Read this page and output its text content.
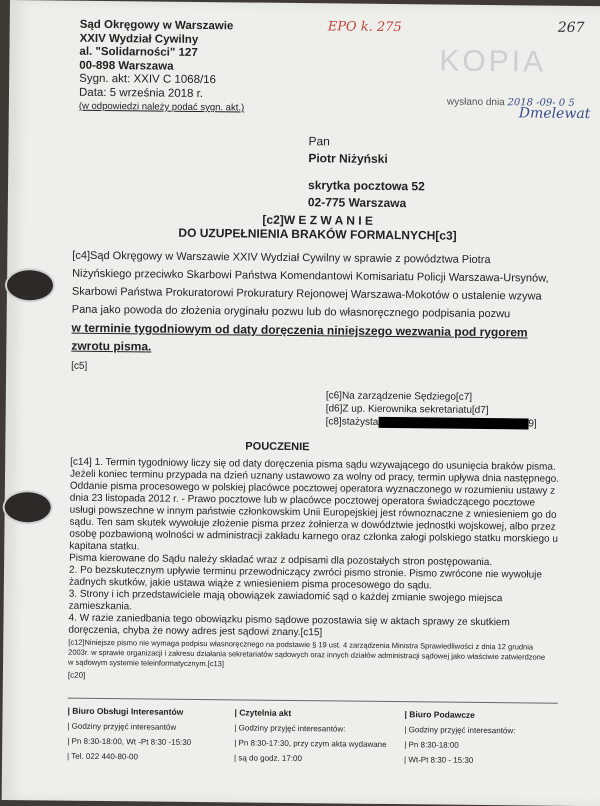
Sąd Okręgowy w Warszawie
XXIV Wydział Cywilny
al. "Solidarności" 127
00-898 Warszawa
Sygn. akt: XXIV C 1068/16
Data: 5 września 2018 r.
(w odpowiedzi należy podać sygn. akt.)
EPO k. 275	267
KOPIA
wysłano dnia 2018 -09- 0 5
Dmelewat
Pan
Piotr Niżyński
skrytka pocztowa 52
02-775 Warszawa
[c2]W E Z W A N I E
DO UZUPEŁNIENIA BRAKÓW FORMALNYCH[c3]
[c4]Sąd Okręgowy w Warszawie XXIV Wydział Cywilny w sprawie z powództwa Piotra Niżyńskiego przeciwko Skarbowi Państwa Komendantowi Komisariatu Policji Warszawa-Ursynów, Skarbowi Państwa Prokuratorowi Prokuratury Rejonowej Warszawa-Mokotów o ustalenie wzywa Pana jako powoda do złożenia oryginału pozwu lub do własnoręcznego podpisania pozwu
w terminie tygodniowym od daty doręczenia niniejszego wezwania pod rygorem zwrotu pisma.
[c5]
[c6]Na zarządzenie Sędziego[c7]
[d6]Z up. Kierownika sekretariatu[d7]
[c8]stażysta	9]
POUCZENIE

[c14] 1. Termin tygodniowy liczy się od daty doręczenia pisma sądu wzywającego do usunięcia braków pisma. Jeżeli koniec terminu przypada na dzień uznany ustawowo za wolny od pracy, termin upływa dnia następnego. Oddanie pisma procesowego w polskiej placówce pocztowej operatora wyznaczonego w rozumieniu ustawy z dnia 23 listopada 2012 r. - Prawo pocztowe lub w placówce pocztowej operatora świadczącego pocztowe usługi powszechne w innym państwie członkowskim Unii Europejskiej jest równoznaczne z wniesieniem go do sądu. Ten sam skutek wywołuje złożenie pisma przez żołnierza w dowództwie jednostki wojskowej, albo przez osobę pozbawioną wolności w administracji zakładu karnego oraz członka załogi polskiego statku morskiego u kapitana statku.

Pisma kierowane do Sądu należy składać wraz z odpisami dla pozostałych stron postępowania.

2. Po bezskutecznym upływie terminu przewodniczący zwróci pismo stronie. Pismo zwrócone nie wywołuje żadnych skutków, jakie ustawa wiąże z wniesieniem pisma procesowego do sądu.

3. Strony i ich przedstawiciele mają obowiązek zawiadomić sąd o każdej zmianie swojego miejsca zamieszkania.

4. W razie zaniedbania tego obowiązku pismo sądowe pozostawia się w aktach sprawy ze skutkiem doręczenia, chyba że nowy adres jest sądowi znany.[c15]

[c12]Niniejsze pismo nie wymaga podpisu własnoręcznego na podstawie § 19 ust. 4 zarządzenia Ministra Sprawiedliwości z dnia 12 grudnia 2003r. w sprawie organizacji i zakresu działania sekretariatów sądowych oraz innych działów administracji sądowej jako właściwie zatwierdzone w sądowym systemie teleinformatycznym.[c13]
[c20]
| Biuro Obsługi Interesantów
| Godziny przyjęć interesantów
| Pn 8:30-18:00, Wt -Pt 8:30 -15:30
| Tel. 022 440-80-00
| Czytelnia akt
| Godziny przyjęć interesantów:
| Pn 8:30-17:30, przy czym akta wydawane
| są do godz. 17:00
| Biuro Podawcze
| Godziny przyjęć interesantów:
| Pn 8:30-18:00
| Wt-Pt 8:30 - 15:30
